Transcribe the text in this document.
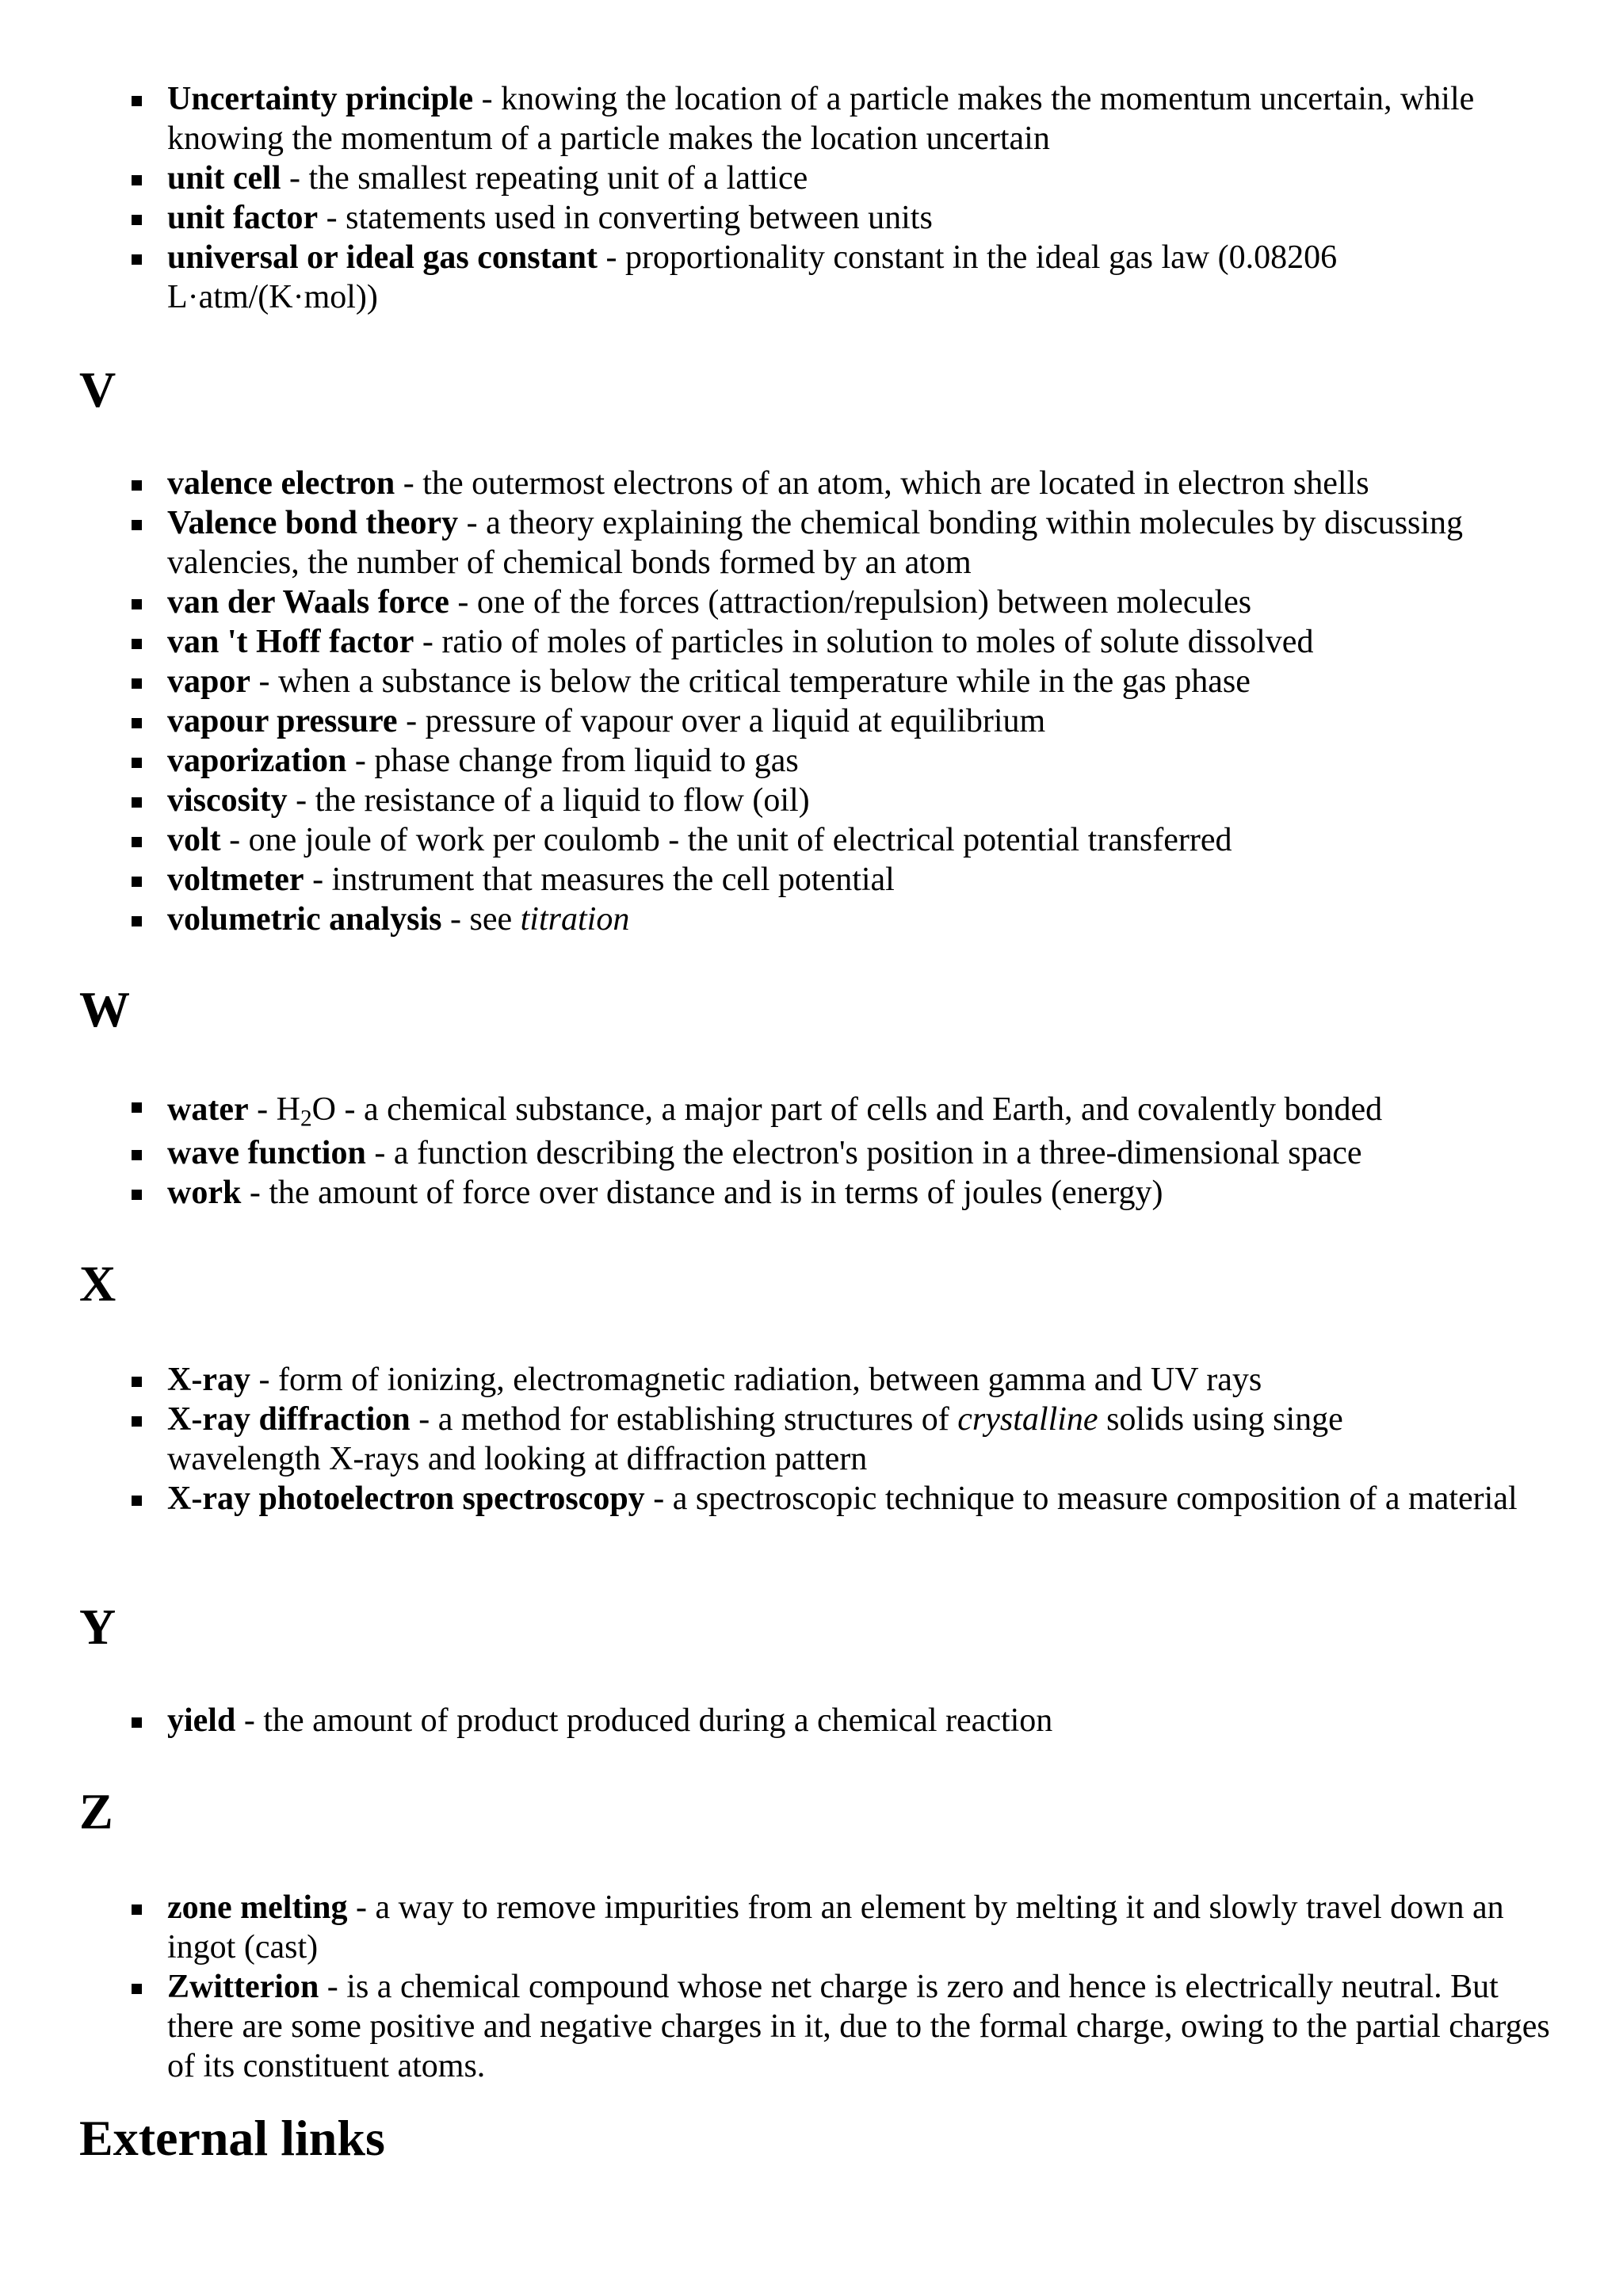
Uncertainty principle - knowing the location of a particle makes the momentum uncertain, while knowing the momentum of a particle makes the location uncertain
unit cell - the smallest repeating unit of a lattice
unit factor - statements used in converting between units
universal or ideal gas constant - proportionality constant in the ideal gas law (0.08206 L·atm/(K·mol))
V
valence electron - the outermost electrons of an atom, which are located in electron shells
Valence bond theory - a theory explaining the chemical bonding within molecules by discussing valencies, the number of chemical bonds formed by an atom
van der Waals force - one of the forces (attraction/repulsion) between molecules
van 't Hoff factor - ratio of moles of particles in solution to moles of solute dissolved
vapor - when a substance is below the critical temperature while in the gas phase
vapour pressure - pressure of vapour over a liquid at equilibrium
vaporization - phase change from liquid to gas
viscosity - the resistance of a liquid to flow (oil)
volt - one joule of work per coulomb - the unit of electrical potential transferred
voltmeter - instrument that measures the cell potential
volumetric analysis - see titration
W
water - $H_2O$ - a chemical substance, a major part of cells and Earth, and covalently bonded
wave function - a function describing the electron's position in a three-dimensional space
work - the amount of force over distance and is in terms of joules (energy)
X
X-ray - form of ionizing, electromagnetic radiation, between gamma and UV rays
X-ray diffraction - a method for establishing structures of crystalline solids using singe wavelength X-rays and looking at diffraction pattern
X-ray photoelectron spectroscopy - a spectroscopic technique to measure composition of a material
Y
yield - the amount of product produced during a chemical reaction
Z
zone melting - a way to remove impurities from an element by melting it and slowly travel down an ingot (cast)
Zwitterion - is a chemical compound whose net charge is zero and hence is electrically neutral. But there are some positive and negative charges in it, due to the formal charge, owing to the partial charges of its constituent atoms.
External links
